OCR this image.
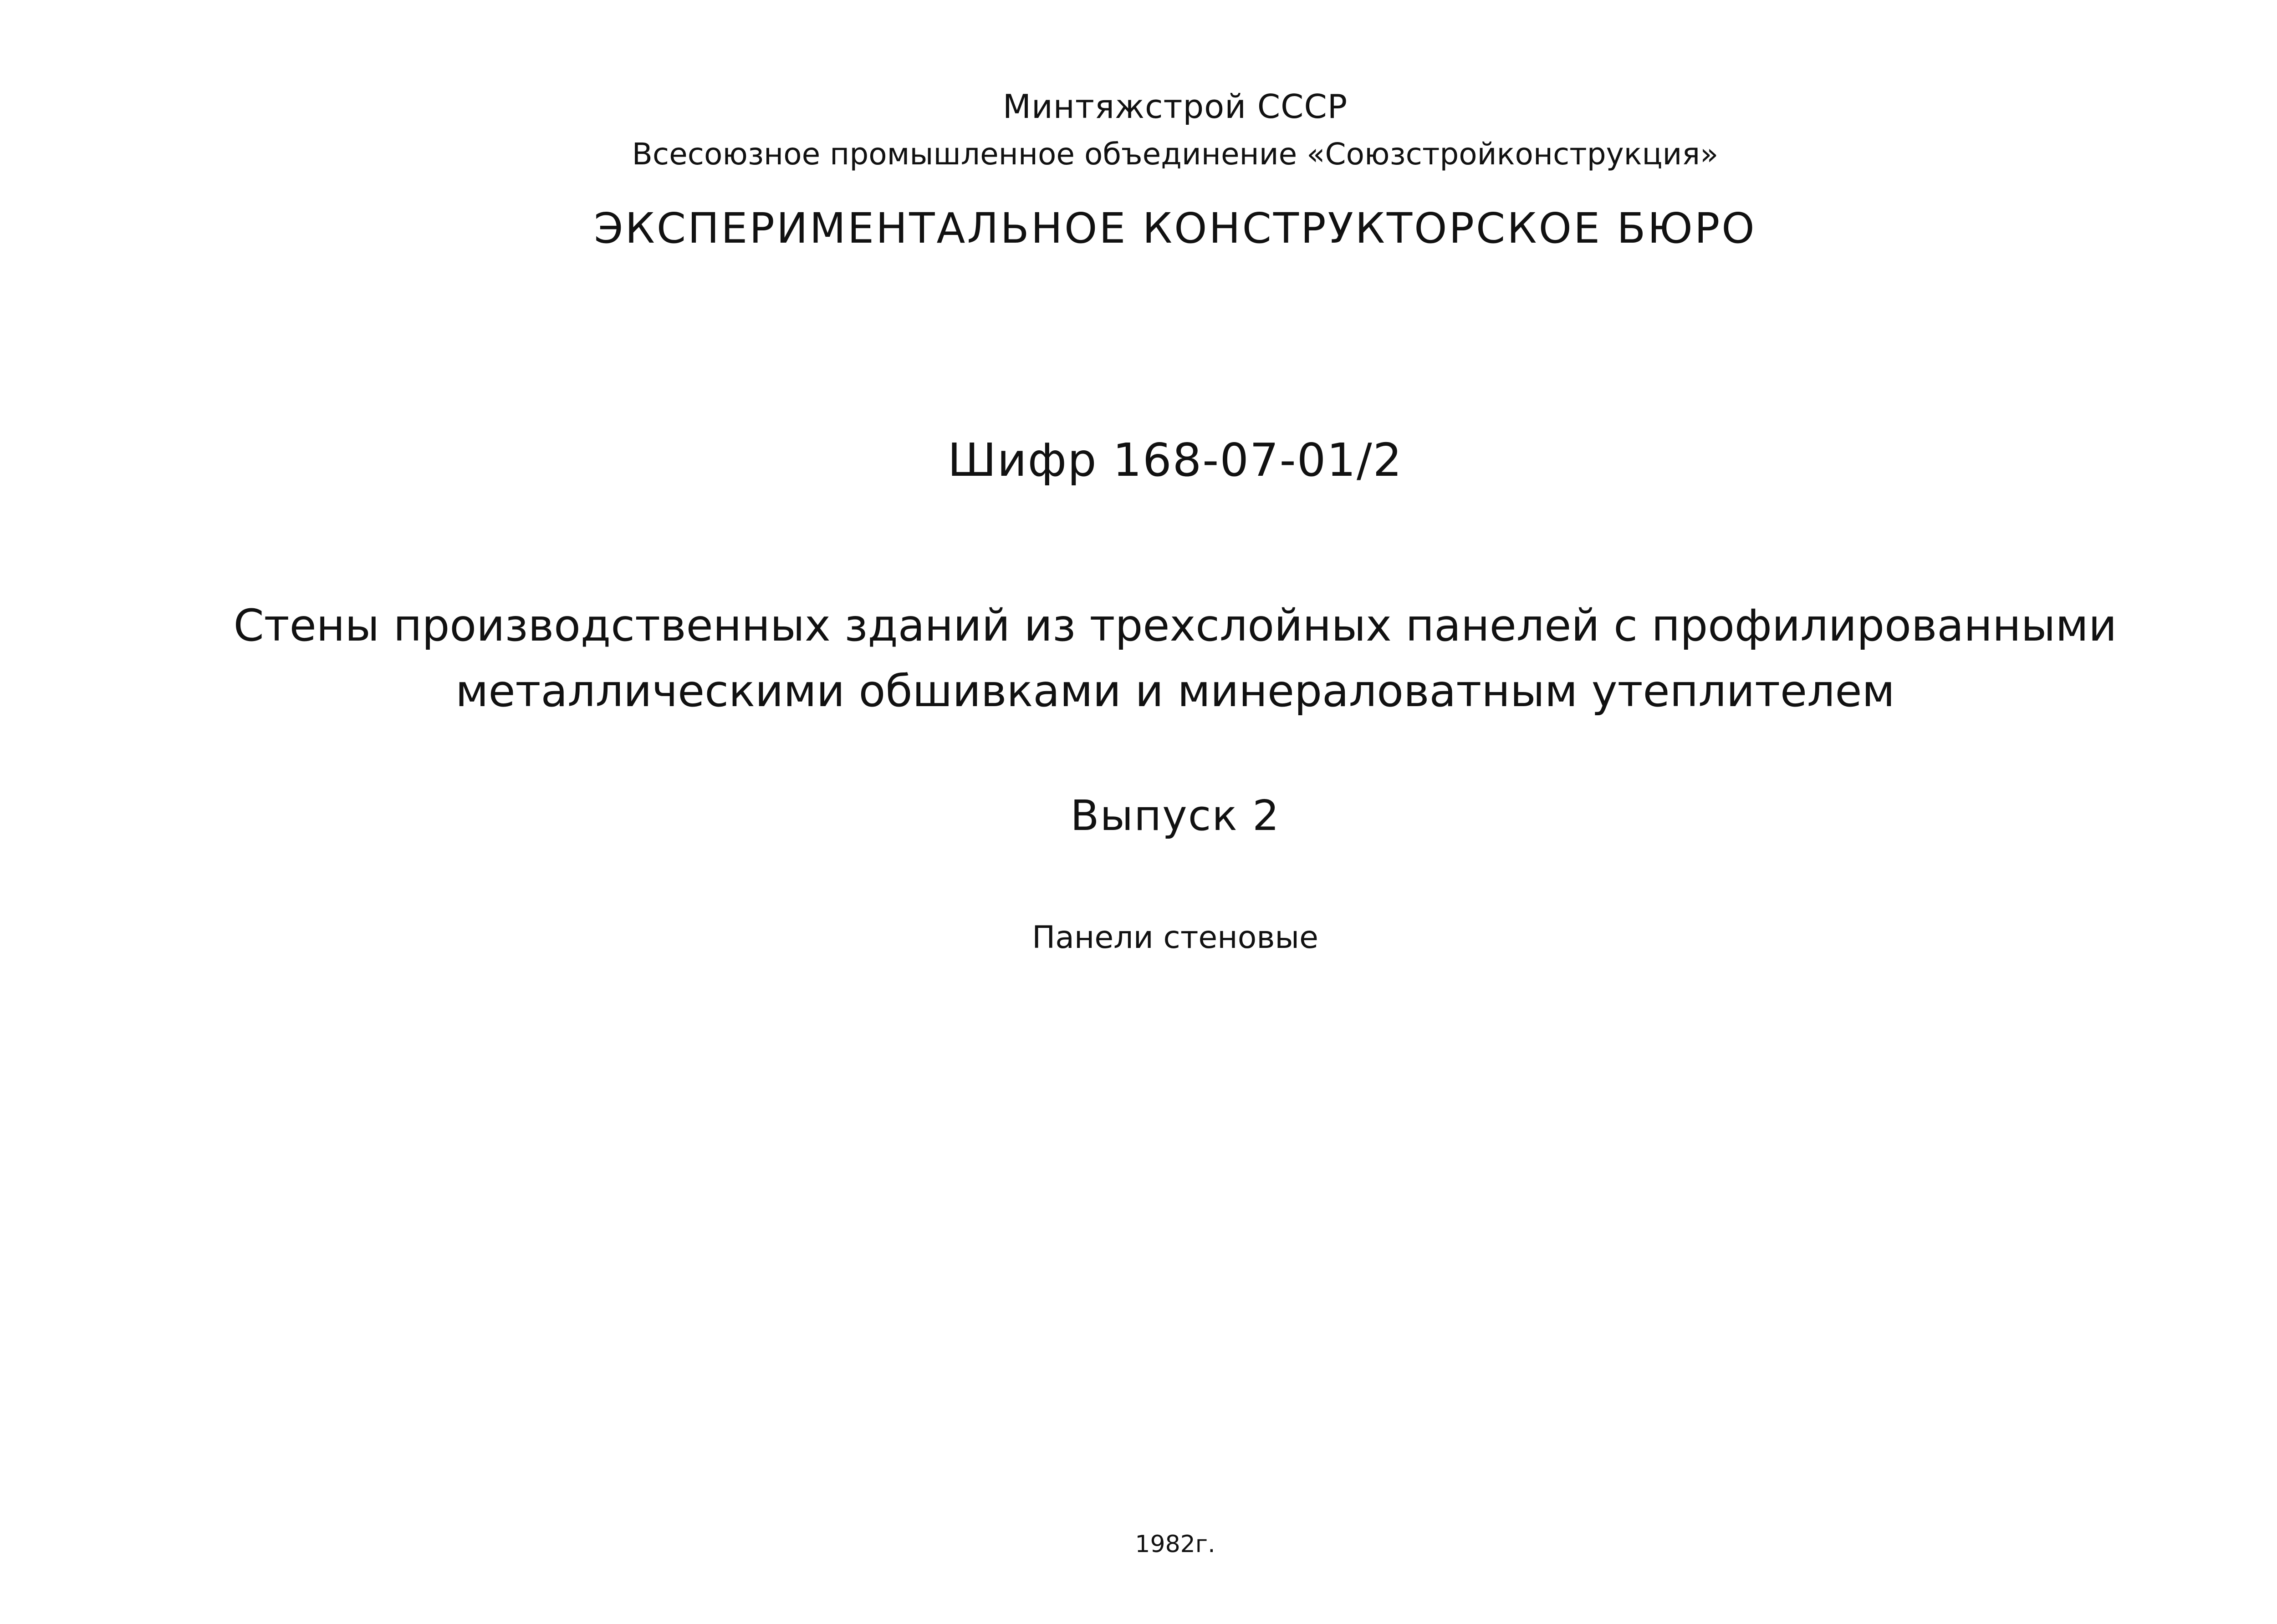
Минтяжстрой СССР
Всесоюзное промышленное объединение «Союзстройконструкция»
ЭКСПЕРИМЕНТАЛЬНОЕ КОНСТРУКТОРСКОЕ БЮРО
Шифр 168-07-01/2
Стены производственных зданий из трехслойных панелей с профилированными
металлическими обшивками и минераловатным утеплителем
Выпуск 2
Панели стеновые
1982г.
